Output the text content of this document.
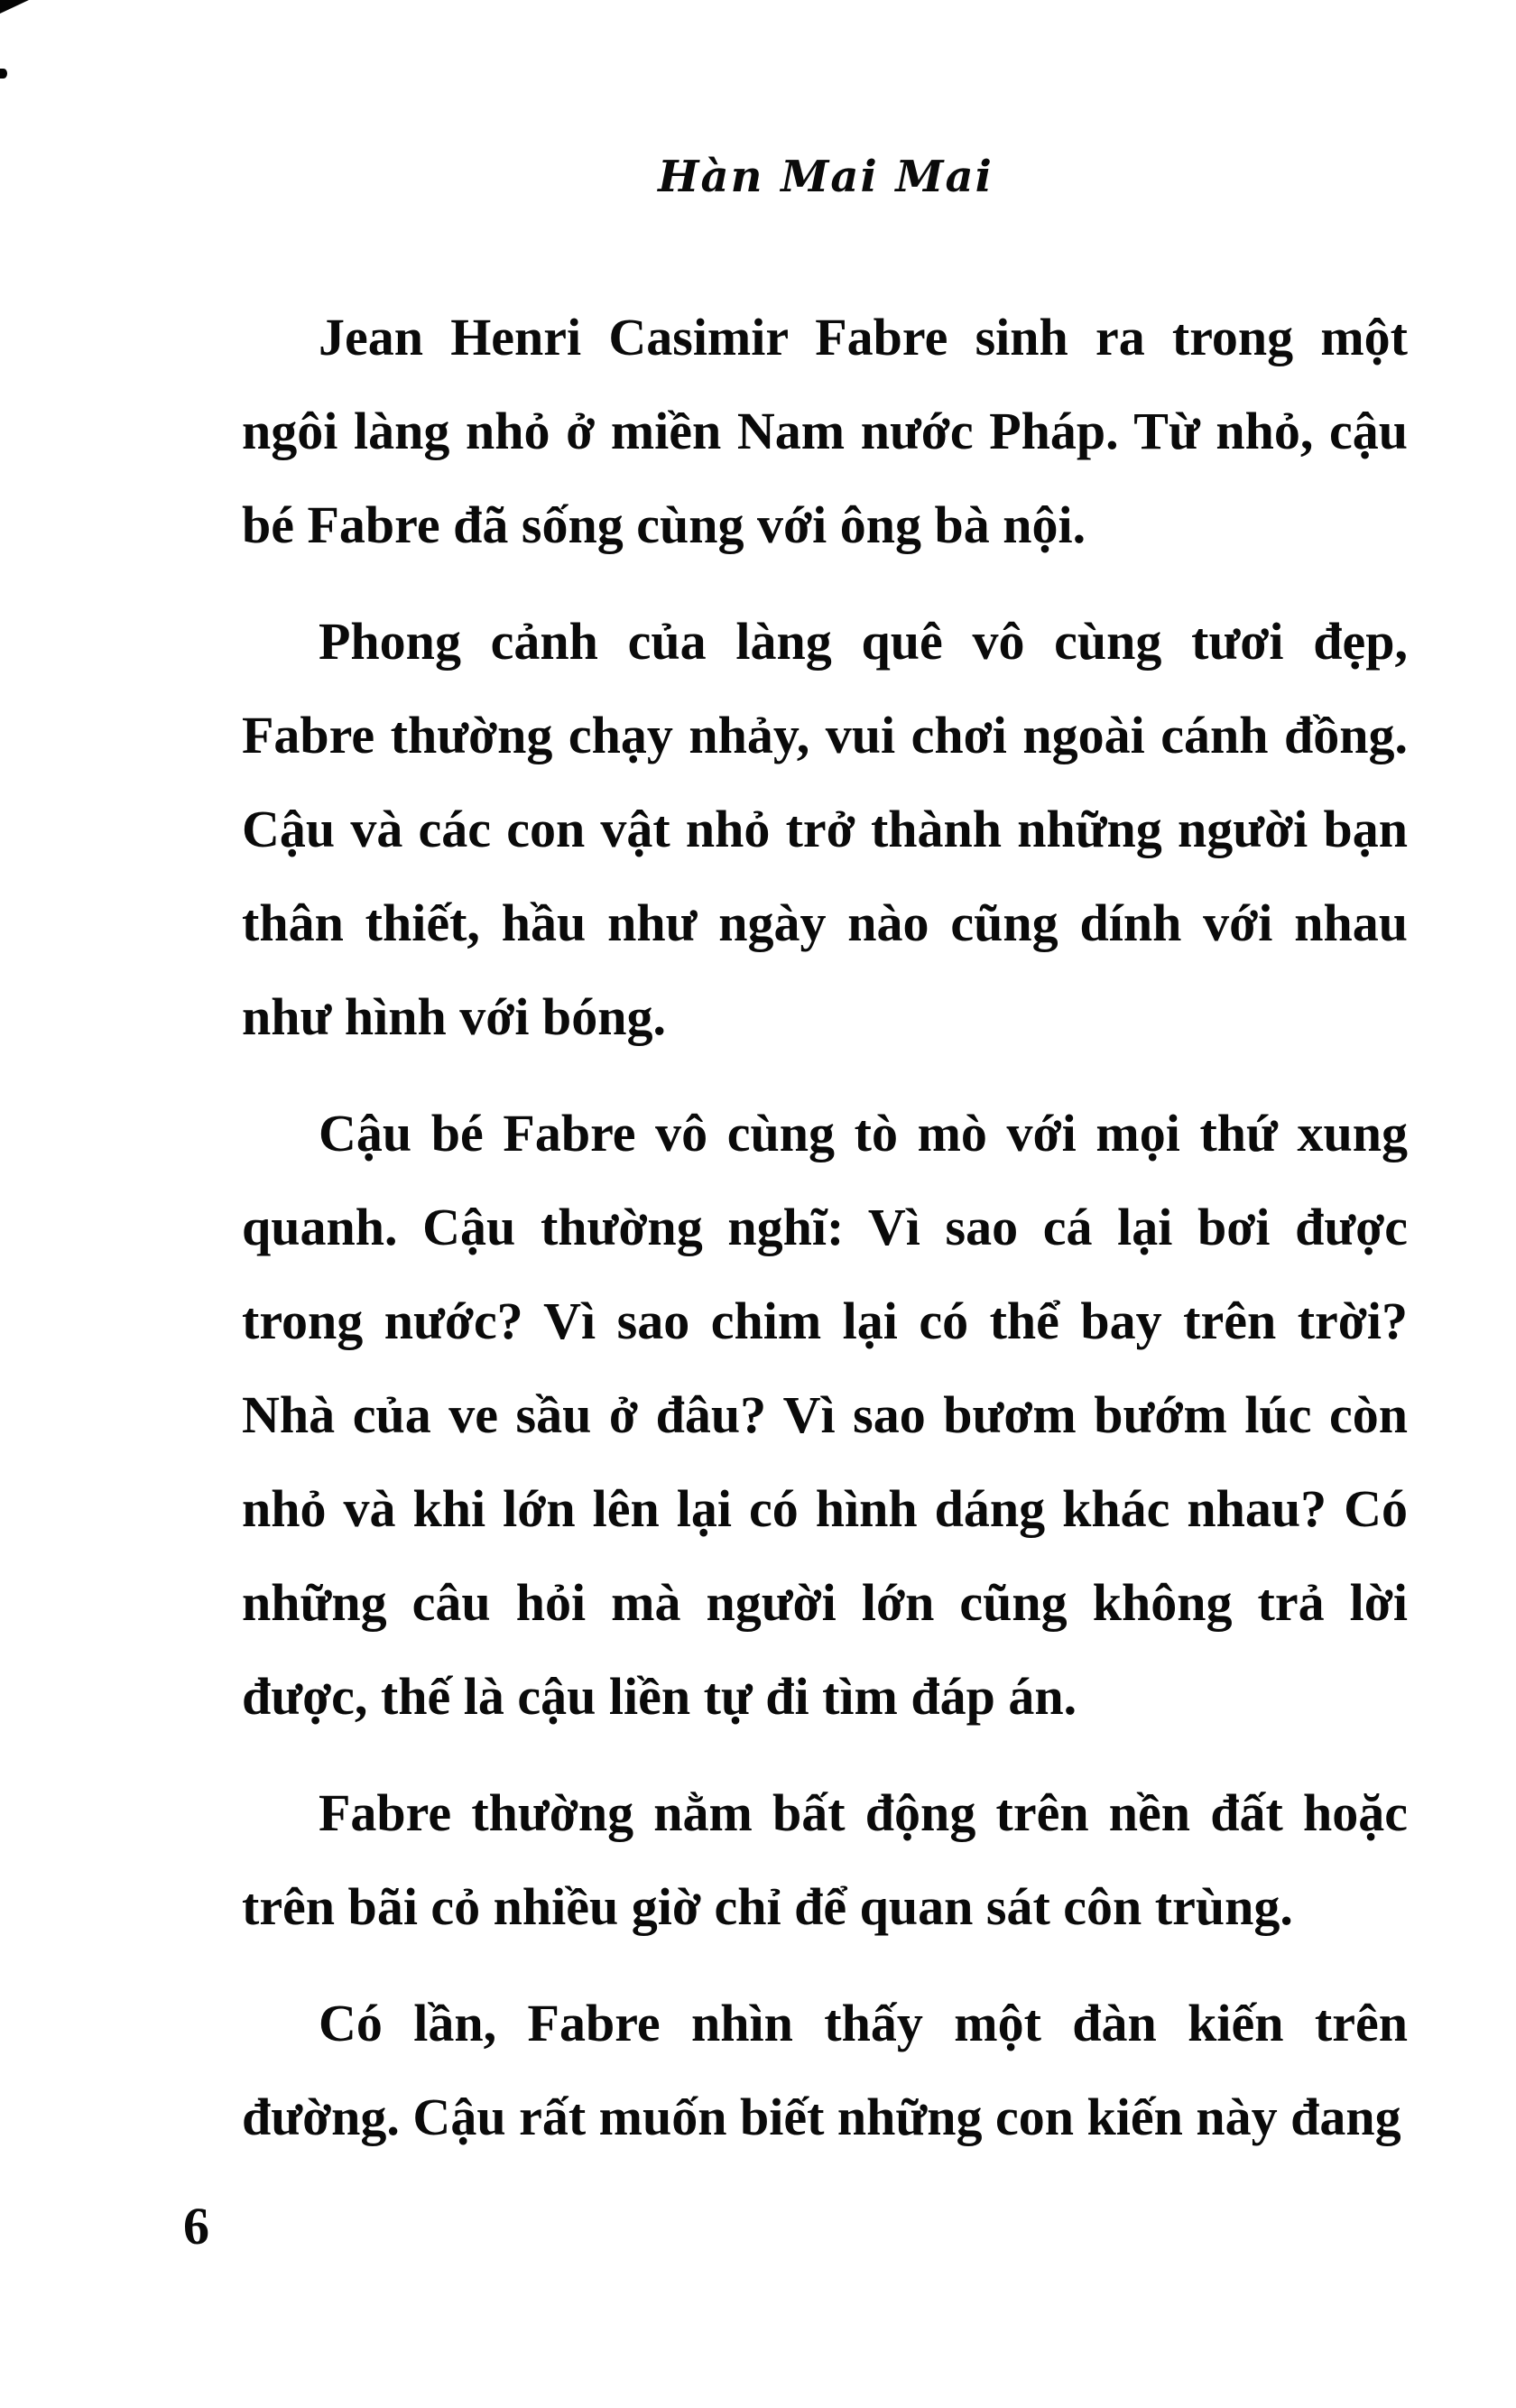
Hàn Mai Mai

Jean Henri Casimir Fabre sinh ra trong một ngôi làng nhỏ ở miền Nam nước Pháp. Từ nhỏ, cậu bé Fabre đã sống cùng với ông bà nội.

Phong cảnh của làng quê vô cùng tươi đẹp, Fabre thường chạy nhảy, vui chơi ngoài cánh đồng. Cậu và các con vật nhỏ trở thành những người bạn thân thiết, hầu như ngày nào cũng dính với nhau như hình với bóng.

Cậu bé Fabre vô cùng tò mò với mọi thứ xung quanh. Cậu thường nghĩ: Vì sao cá lại bơi được trong nước? Vì sao chim lại có thể bay trên trời? Nhà của ve sầu ở đâu? Vì sao bươm bướm lúc còn nhỏ và khi lớn lên lại có hình dáng khác nhau? Có những câu hỏi mà người lớn cũng không trả lời được, thế là cậu liền tự đi tìm đáp án.

Fabre thường nằm bất động trên nền đất hoặc trên bãi cỏ nhiều giờ chỉ để quan sát côn trùng.

Có lần, Fabre nhìn thấy một đàn kiến trên đường. Cậu rất muốn biết những con kiến này đang

6
